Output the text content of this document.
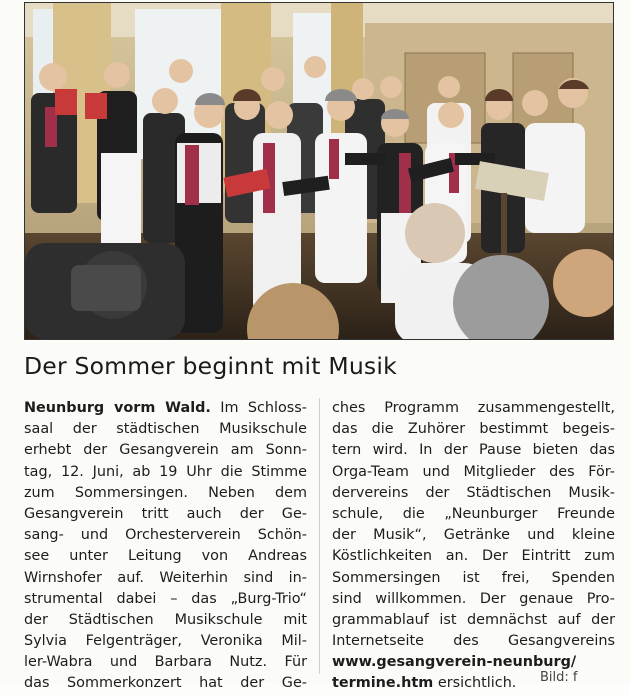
Der Sommer beginnt mit Musik
Neunburg vorm Wald. Im Schloss-
saal der städtischen Musikschule
erhebt der Gesangverein am Sonn-
tag, 12. Juni, ab 19 Uhr die Stimme
zum Sommersingen. Neben dem
Gesangverein tritt auch der Ge-
sang- und Orchesterverein Schön-
see unter Leitung von Andreas
Wirnshofer auf. Weiterhin sind in-
strumental dabei – das „Burg-Trio“
der Städtischen Musikschule mit
Sylvia Felgenträger, Veronika Mil-
ler-Wabra und Barbara Nutz. Für
das Sommerkonzert hat der Ge-
ches Programm zusammengestellt,
das die Zuhörer bestimmt begeis-
tern wird. In der Pause bieten das
Orga-Team und Mitglieder des För-
dervereins der Städtischen Musik-
schule, die „Neunburger Freunde
der Musik“, Getränke und kleine
Köstlichkeiten an. Der Eintritt zum
Sommersingen ist frei, Spenden
sind willkommen. Der genaue Pro-
grammablauf ist demnächst auf der
Internetseite des Gesangvereins
www.gesangverein-neunburg/
termine.htm ersichtlich.	Bild: f
